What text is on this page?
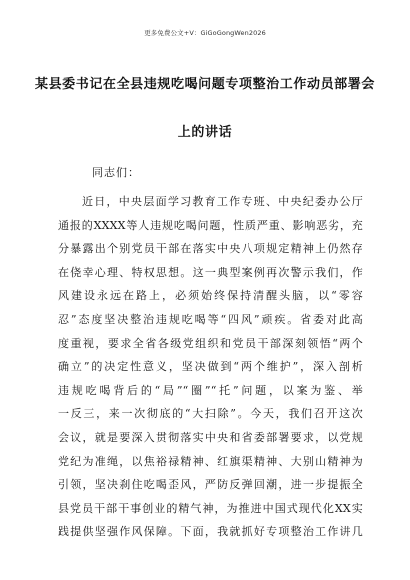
更多免费公文+V：GiGoGongWen2026
某县委书记在全县违规吃喝问题专项整治工作动员部署会
上的讲话
同志们：
近日，中央层面学习教育工作专班、中央纪委办公厅
通报的XXXX等人违规吃喝问题，性质严重、影响恶劣，充
分暴露出个别党员干部在落实中央八项规定精神上仍然存
在侥幸心理、特权思想。这一典型案例再次警示我们，作
风建设永远在路上，必须始终保持清醒头脑，以“零容
忍”态度坚决整治违规吃喝等“四风”顽疾。省委对此高
度重视，要求全省各级党组织和党员干部深刻领悟“两个
确立”的决定性意义，坚决做到“两个维护”，深入剖析
违规吃喝背后的“局”“圈”“托”问题，以案为鉴、举
一反三，来一次彻底的“大扫除”。今天，我们召开这次
会议，就是要深入贯彻落实中央和省委部署要求，以党规
党纪为准绳，以焦裕禄精神、红旗渠精神、大别山精神为
引领，坚决刹住吃喝歪风，严防反弹回潮，进一步提振全
县党员干部干事创业的精气神，为推进中国式现代化XX实
践提供坚强作风保障。下面，我就抓好专项整治工作讲几
